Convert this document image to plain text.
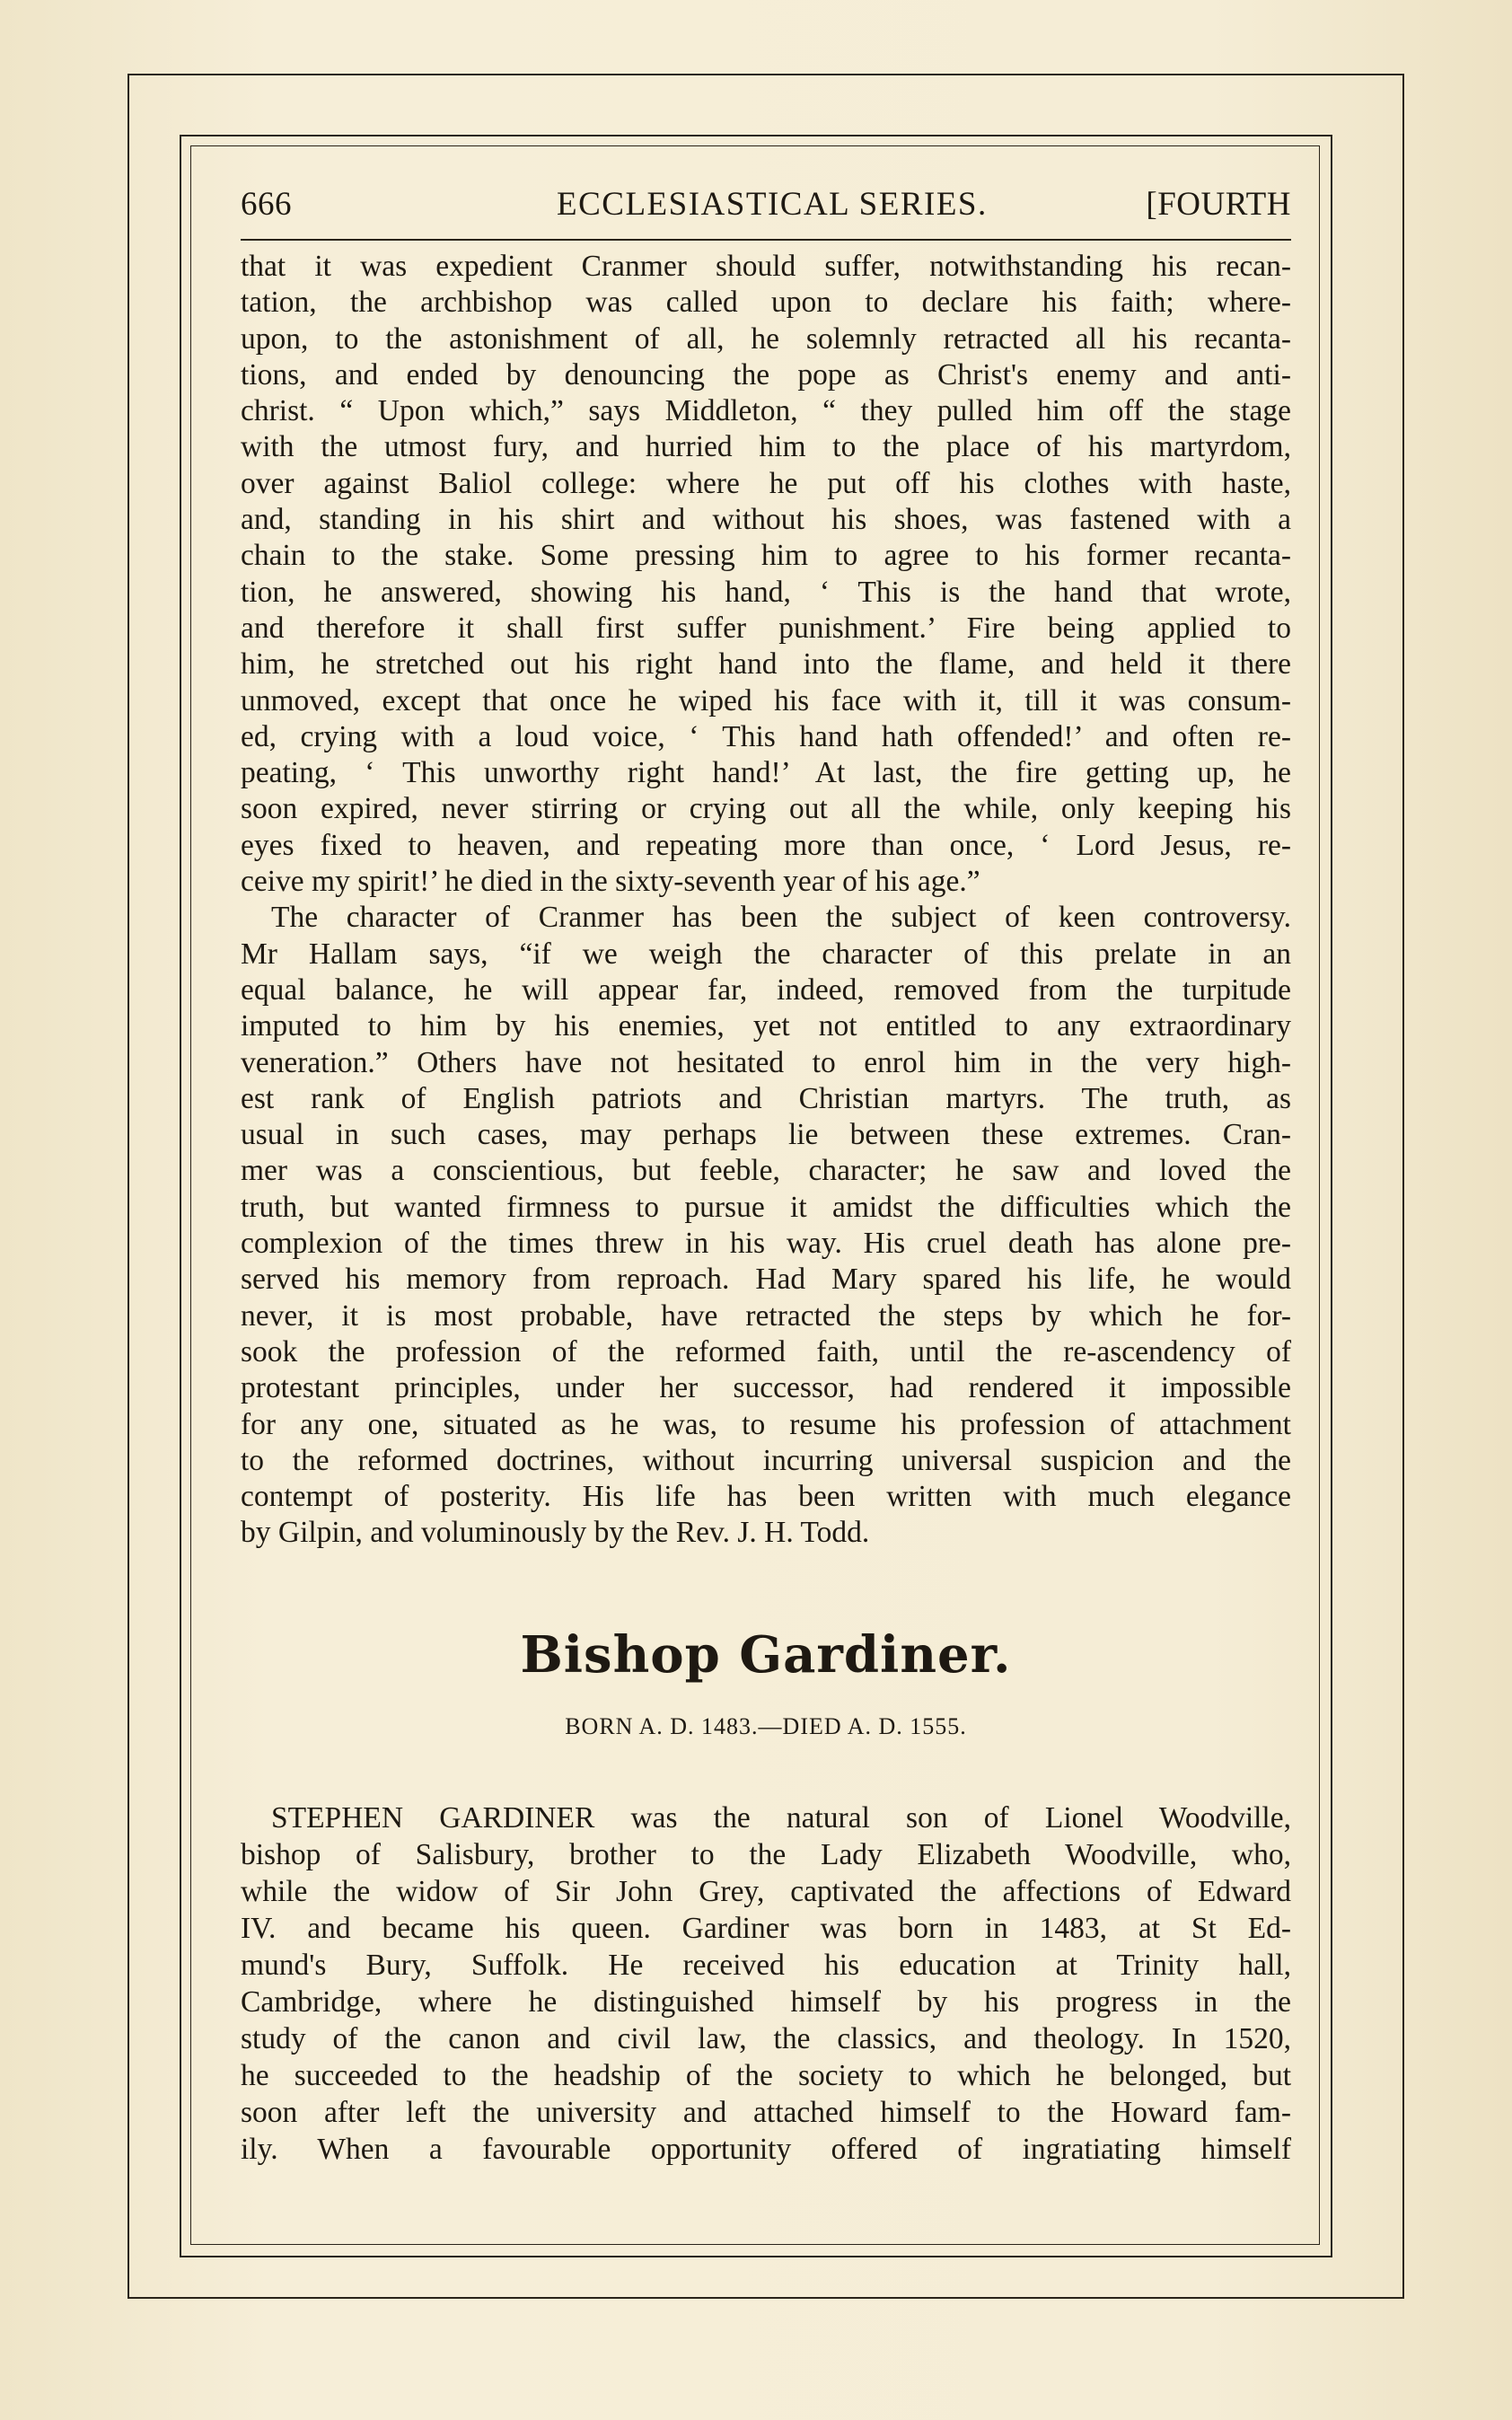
666	ECCLESIASTICAL SERIES.	[FOURTH
that it was expedient Cranmer should suffer, notwithstanding his recan-
tation, the archbishop was called upon to declare his faith; where-
upon, to the astonishment of all, he solemnly retracted all his recanta-
tions, and ended by denouncing the pope as Christ's enemy and anti-
christ. “ Upon which,” says Middleton, “ they pulled him off the stage
with the utmost fury, and hurried him to the place of his martyrdom,
over against Baliol college: where he put off his clothes with haste,
and, standing in his shirt and without his shoes, was fastened with a
chain to the stake. Some pressing him to agree to his former recanta-
tion, he answered, showing his hand, ‘ This is the hand that wrote,
and therefore it shall first suffer punishment.’ Fire being applied to
him, he stretched out his right hand into the flame, and held it there
unmoved, except that once he wiped his face with it, till it was consum-
ed, crying with a loud voice, ‘ This hand hath offended!’ and often re-
peating, ‘ This unworthy right hand!’ At last, the fire getting up, he
soon expired, never stirring or crying out all the while, only keeping his
eyes fixed to heaven, and repeating more than once, ‘ Lord Jesus, re-
ceive my spirit!’ he died in the sixty-seventh year of his age.”
The character of Cranmer has been the subject of keen controversy.
Mr Hallam says, “if we weigh the character of this prelate in an
equal balance, he will appear far, indeed, removed from the turpitude
imputed to him by his enemies, yet not entitled to any extraordinary
veneration.” Others have not hesitated to enrol him in the very high-
est rank of English patriots and Christian martyrs. The truth, as
usual in such cases, may perhaps lie between these extremes. Cran-
mer was a conscientious, but feeble, character; he saw and loved the
truth, but wanted firmness to pursue it amidst the difficulties which the
complexion of the times threw in his way. His cruel death has alone pre-
served his memory from reproach. Had Mary spared his life, he would
never, it is most probable, have retracted the steps by which he for-
sook the profession of the reformed faith, until the re-ascendency of
protestant principles, under her successor, had rendered it impossible
for any one, situated as he was, to resume his profession of attachment
to the reformed doctrines, without incurring universal suspicion and the
contempt of posterity. His life has been written with much elegance
by Gilpin, and voluminously by the Rev. J. H. Todd.
Bishop Gardiner.
BORN A. D. 1483.—DIED A. D. 1555.
STEPHEN GARDINER was the natural son of Lionel Woodville,
bishop of Salisbury, brother to the Lady Elizabeth Woodville, who,
while the widow of Sir John Grey, captivated the affections of Edward
IV. and became his queen. Gardiner was born in 1483, at St Ed-
mund's Bury, Suffolk. He received his education at Trinity hall,
Cambridge, where he distinguished himself by his progress in the
study of the canon and civil law, the classics, and theology. In 1520,
he succeeded to the headship of the society to which he belonged, but
soon after left the university and attached himself to the Howard fam-
ily. When a favourable opportunity offered of ingratiating himself
